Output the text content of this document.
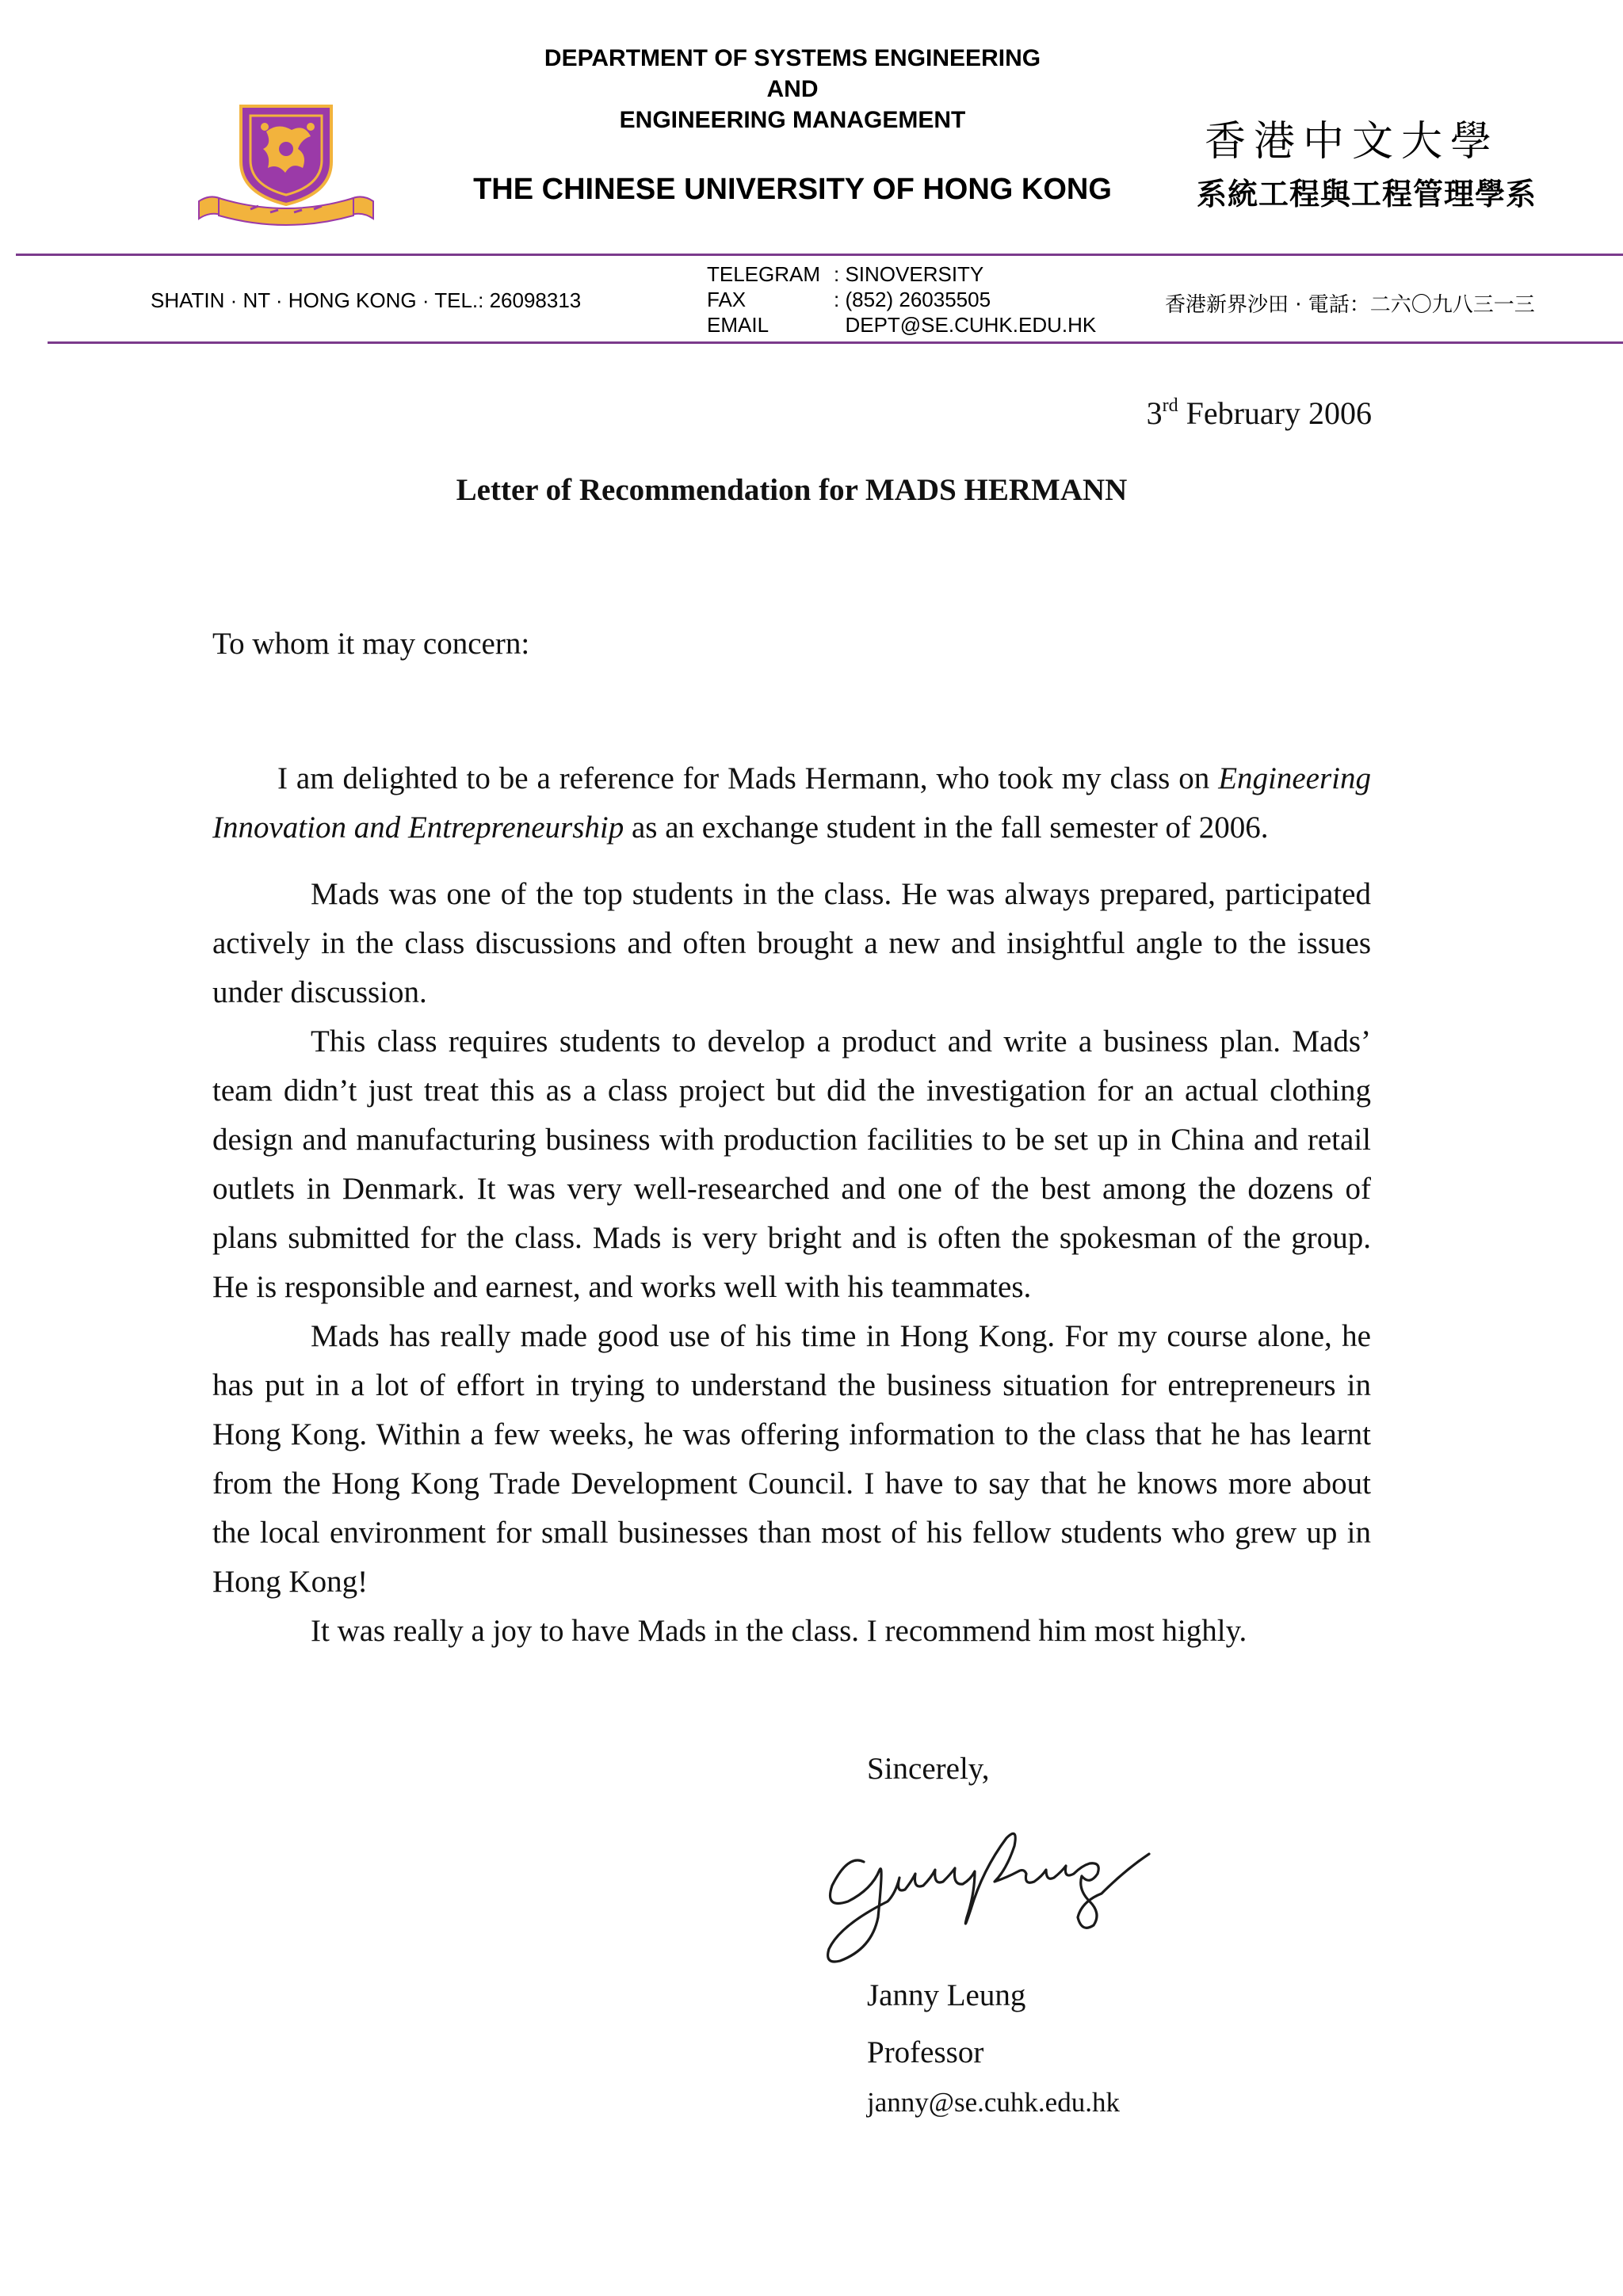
DEPARTMENT OF SYSTEMS ENGINEERING
AND
ENGINEERING MANAGEMENT
THE CHINESE UNIVERSITY OF HONG KONG
香港中文大學
系統工程與工程管理學系
SHATIN · NT · HONG KONG · TEL.: 26098313
TELEGRAM : SINOVERSITY
FAX	: (852) 26035505
EMAIL	DEPT@SE.CUHK.EDU.HK
香港新界沙田 · 電話：二六〇九八三一三
3rd February 2006
Letter of Recommendation for MADS HERMANN
To whom it may concern:

I am delighted to be a reference for Mads Hermann, who took my class on Engineering Innovation and Entrepreneurship as an exchange student in the fall semester of 2006.

Mads was one of the top students in the class. He was always prepared, participated actively in the class discussions and often brought a new and insightful angle to the issues under discussion.

This class requires students to develop a product and write a business plan. Mads’ team didn’t just treat this as a class project but did the investigation for an actual clothing design and manufacturing business with production facilities to be set up in China and retail outlets in Denmark. It was very well-researched and one of the best among the dozens of plans submitted for the class. Mads is very bright and is often the spokesman of the group. He is responsible and earnest, and works well with his teammates.

Mads has really made good use of his time in Hong Kong. For my course alone, he has put in a lot of effort in trying to understand the business situation for entrepreneurs in Hong Kong. Within a few weeks, he was offering information to the class that he has learnt from the Hong Kong Trade Development Council. I have to say that he knows more about the local environment for small businesses than most of his fellow students who grew up in Hong Kong!

It was really a joy to have Mads in the class. I recommend him most highly.

Sincerely,
Janny Leung
Professor
janny@se.cuhk.edu.hk
